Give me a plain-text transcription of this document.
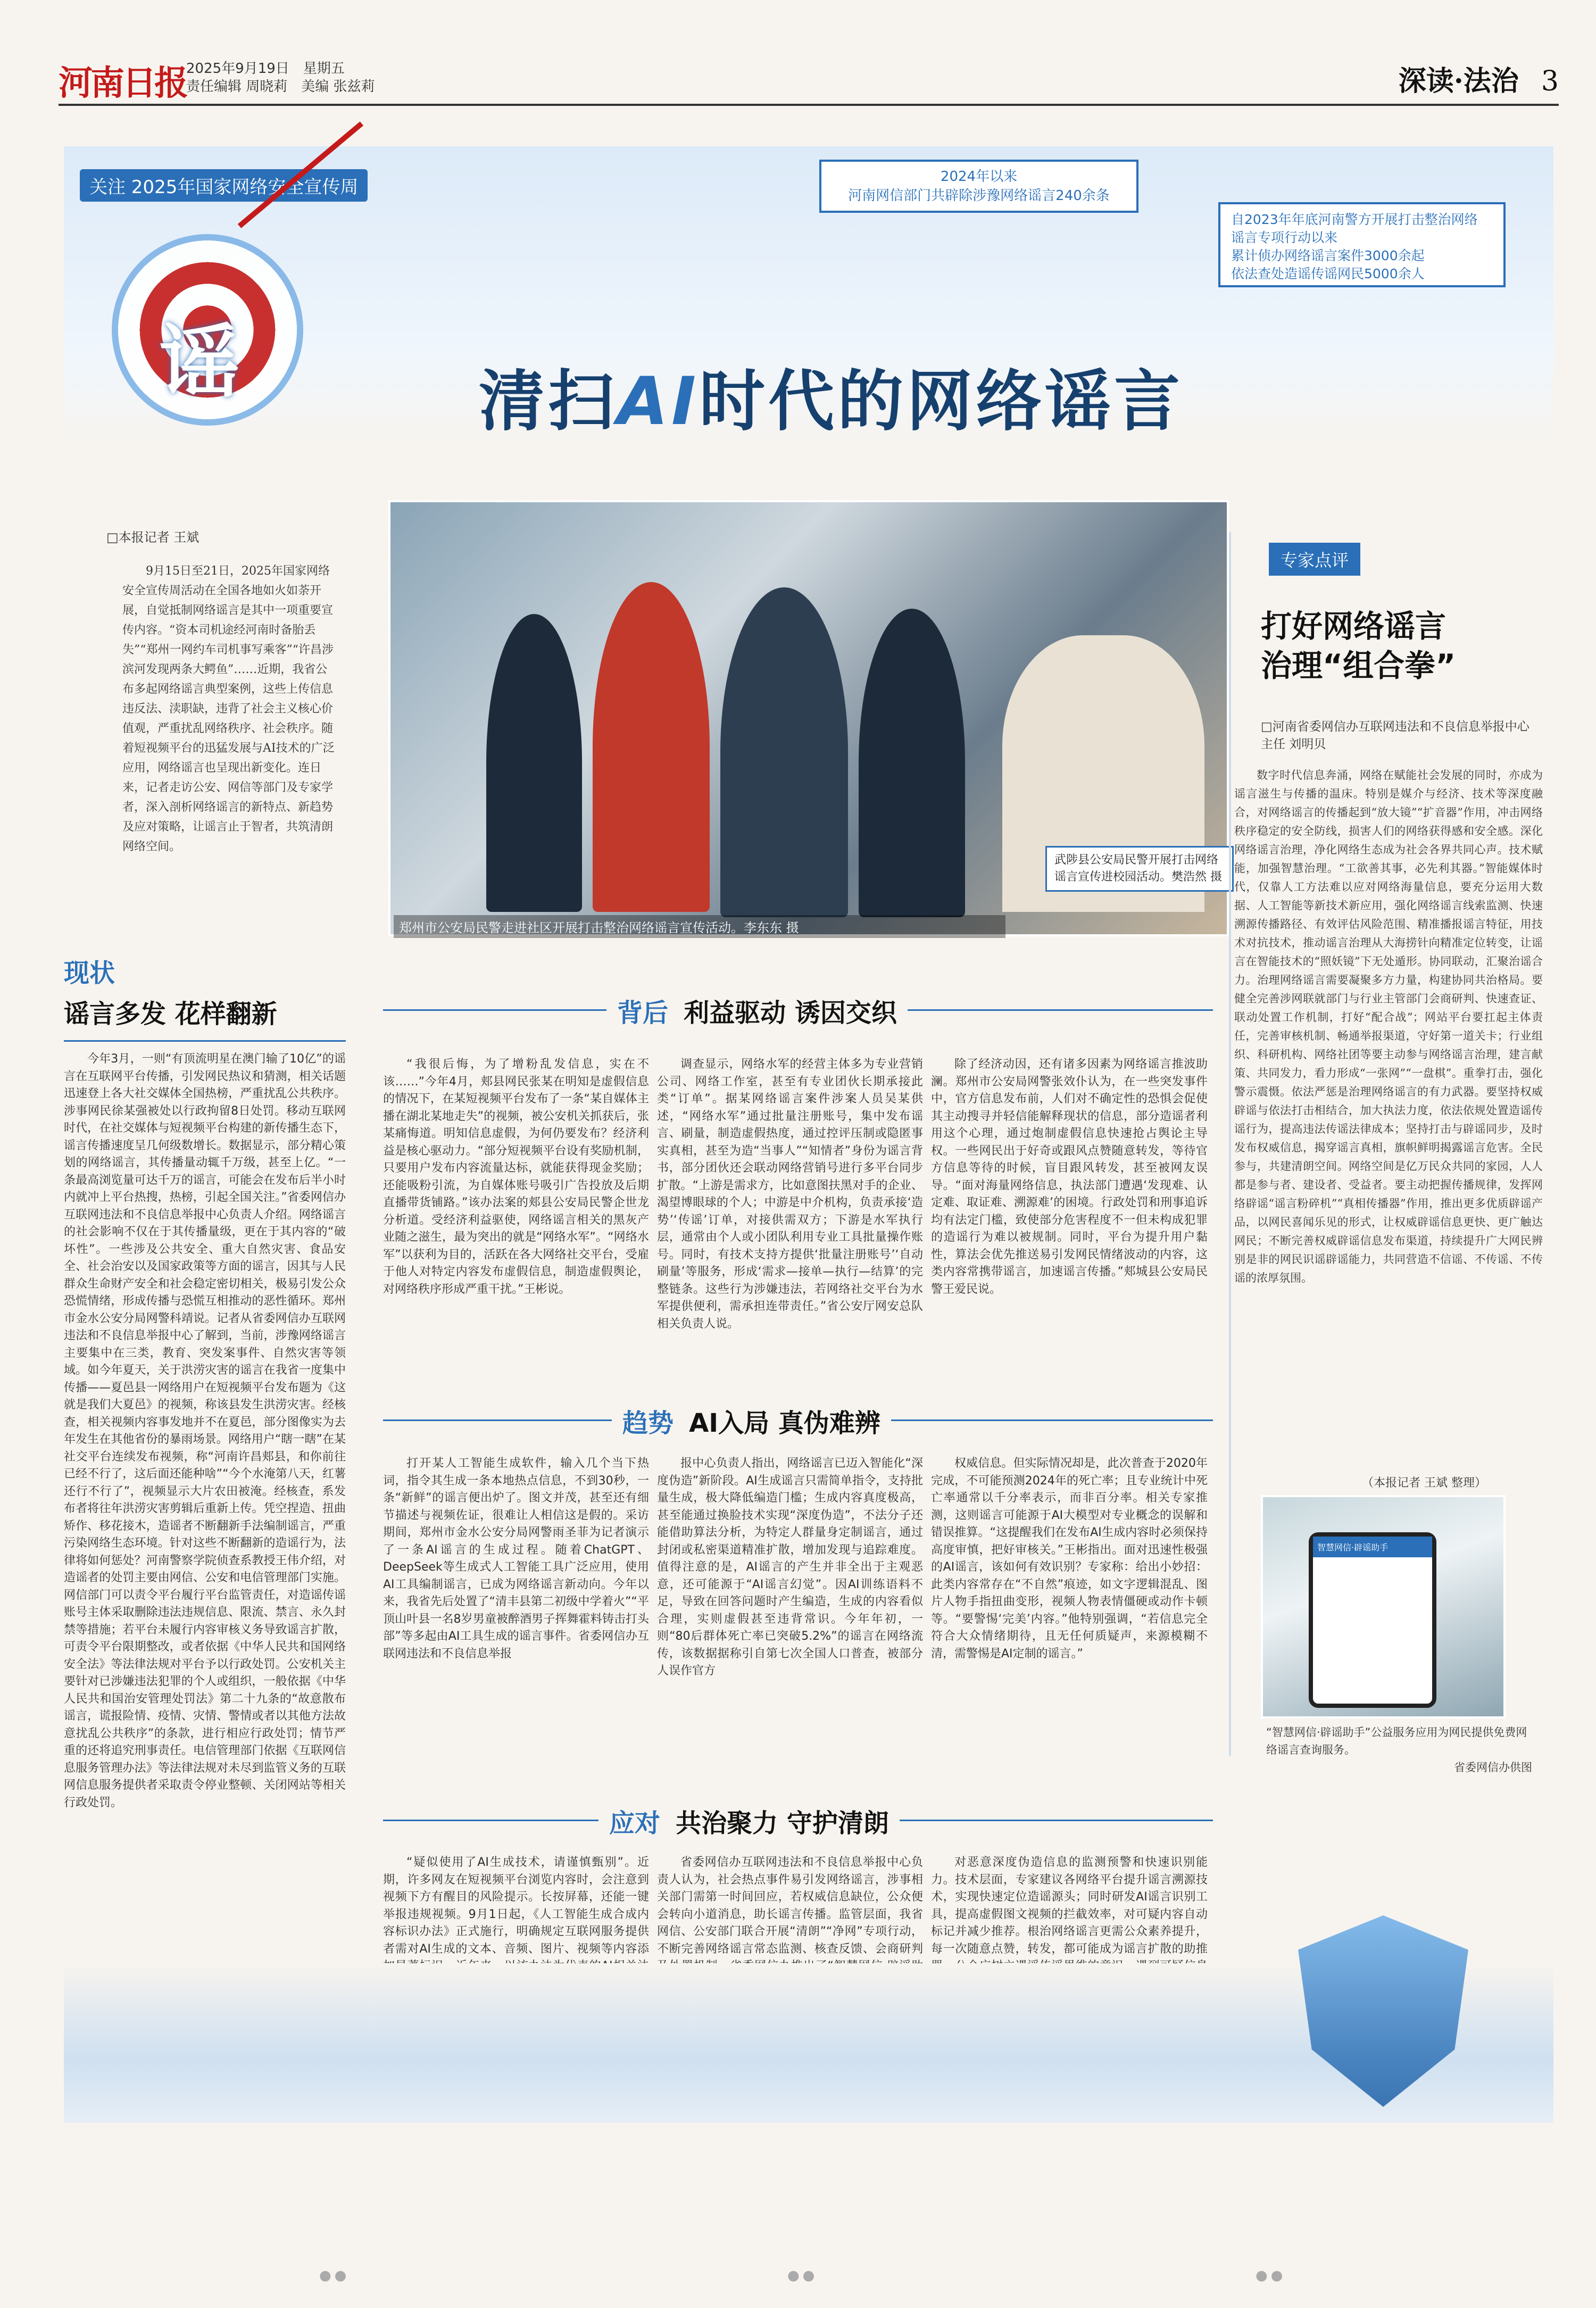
河南日报 2025年9月19日　星期五
责任编辑 周晓莉　美编 张兹莉	深读·法治 3
关注 2025年国家网络安全宣传周	2024年以来
河南网信部门共辟除涉豫网络谣言240余条
自2023年年底河南警方开展打击整治网络
谣言专项行动以来
累计侦办网络谣言案件3000余起
依法查处造谣传谣网民5000余人
谣	清扫AI时代的网络谣言
□本报记者 王斌
9月15日至21日，2025年国家网络安全宣传周活动在全国各地如火如荼开展，自觉抵制网络谣言是其中一项重要宣传内容。“资本司机途经河南时备胎丢失”“郑州一网约车司机事写乘客”“许昌涉滨河发现两条大鳄鱼”……近期，我省公布多起网络谣言典型案例，这些上传信息违反法、渎职缺，违背了社会主义核心价值观，严重扰乱网络秩序、社会秩序。随着短视频平台的迅猛发展与AI技术的广泛应用，网络谣言也呈现出新变化。连日来，记者走访公安、网信等部门及专家学者，深入剖析网络谣言的新特点、新趋势及应对策略，让谣言止于智者，共筑清朗网络空间。
郑州市公安局民警走进社区开展打击整治网络谣言宣传活动。李东东 摄
武陟县公安局民警开展打击网络谣言宣传进校园活动。樊浩然 摄
现状
谣言多发 花样翻新
今年3月，一则“有顶流明星在澳门输了10亿”的谣言在互联网平台传播，引发网民热议和猜测，相关话题迅速登上各大社交媒体全国热榜，严重扰乱公共秩序。涉事网民徐某强被处以行政拘留8日处罚。移动互联网时代，在社交媒体与短视频平台构建的新传播生态下，谣言传播速度呈几何级数增长。数据显示，部分精心策划的网络谣言，其传播量动辄千万级，甚至上亿。“一条最高浏览量可达千万的谣言，可能会在发布后半小时内就冲上平台热搜，热榜，引起全国关注。”省委网信办互联网违法和不良信息举报中心负责人介绍。网络谣言的社会影响不仅在于其传播量级，更在于其内容的“破坏性”。一些涉及公共安全、重大自然灾害、食品安全、社会治安以及国家政策等方面的谣言，因其与人民群众生命财产安全和社会稳定密切相关，极易引发公众恐慌情绪，形成传播与恐慌互相推动的恶性循环。郑州市金水公安分局网警科靖说。记者从省委网信办互联网违法和不良信息举报中心了解到，当前，涉豫网络谣言主要集中在三类，教育、突发案事件、自然灾害等领域。如今年夏天，关于洪涝灾害的谣言在我省一度集中传播——夏邑县一网络用户在短视频平台发布题为《这就是我们大夏邑》的视频，称该县发生洪涝灾害。经核查，相关视频内容事发地并不在夏邑，部分图像实为去年发生在其他省份的暴雨场景。网络用户“瞎一瞎”在某社交平台连续发布视频，称“河南许昌郏县，和你前往已经不行了，这后面还能种啥”“今个水淹第八天，红薯还行不行了”，视频显示大片农田被淹。经核查，系发布者将往年洪涝灾害剪辑后重新上传。凭空捏造、扭曲矫作、移花接木，造谣者不断翻新手法编制谣言，严重污染网络生态环境。针对这些不断翻新的造谣行为，法律将如何惩处？河南警察学院侦查系教授王伟介绍，对造谣者的处罚主要由网信、公安和电信管理部门实施。网信部门可以责令平台履行平台监管责任，对造谣传谣账号主体采取删除违法违规信息、限流、禁言、永久封禁等措施；若平台未履行内容审核义务导致谣言扩散，可责令平台限期整改，或者依据《中华人民共和国网络安全法》等法律法规对平台予以行政处罚。公安机关主要针对已涉嫌违法犯罪的个人或组织，一般依据《中华人民共和国治安管理处罚法》第二十九条的“故意散布谣言，谎报险情、疫情、灾情、警情或者以其他方法故意扰乱公共秩序”的条款，进行相应行政处罚；情节严重的还将追究刑事责任。电信管理部门依据《互联网信息服务管理办法》等法律法规对未尽到监管义务的互联网信息服务提供者采取责令停业整顿、关闭网站等相关行政处罚。
背后 利益驱动 诱因交织
“我很后悔，为了增粉乱发信息，实在不该……”今年4月，郏县网民张某在明知是虚假信息的情况下，在某短视频平台发布了一条“某自媒体主播在湖北某地走失”的视频，被公安机关抓获后，张某痛悔道。明知信息虚假，为何仍要发布？经济利益是核心驱动力。“部分短视频平台设有奖励机制，只要用户发布内容流量达标，就能获得现金奖励；还能吸粉引流，为自媒体账号吸引广告投放及后期直播带货铺路。”该办法案的郏县公安局民警企世龙分析道。受经济利益驱使，网络谣言相关的黑灰产业随之滋生，最为突出的就是“网络水军”。“网络水军”以获利为目的，活跃在各大网络社交平台，受雇于他人对特定内容发布虚假信息，制造虚假舆论，对网络秩序形成严重干扰。”王彬说。
调查显示，网络水军的经营主体多为专业营销公司、网络工作室，甚至有专业团伙长期承接此类“订单”。据某网络谣言案件涉案人员吴某供述，“网络水军”通过批量注册账号，集中发布谣言、刷量，制造虚假热度，通过控评压制或隐匿事实真相，甚至为造“当事人”“知情者”身份为谣言背书，部分团伙还会联动网络营销号进行多平台同步扩散。“上游是需求方，比如意图扶黑对手的企业、渴望博眼球的个人；中游是中介机构，负责承接‘造势’‘传谣’订单，对接供需双方；下游是水军执行层，通常由个人或小团队利用专业工具批量操作账号。同时，有技术支持方提供‘批量注册账号’‘自动刷量’等服务，形成‘需求—接单—执行—结算’的完整链条。这些行为涉嫌违法，若网络社交平台为水军提供便利，需承担连带责任。”省公安厅网安总队相关负责人说。
除了经济动因，还有诸多因素为网络谣言推波助澜。郑州市公安局网警张效仆认为，在一些突发事件中，官方信息发布前，人们对不确定性的恐惧会促使其主动搜寻并轻信能解释现状的信息，部分造谣者利用这个心理，通过炮制虚假信息快速抢占舆论主导权。一些网民出于好奇或跟风点赞随意转发，等待官方信息等待的时候，盲目跟风转发，甚至被网友误导。“面对海量网络信息，执法部门遭遇‘发现难、认定难、取证难、溯源难’的困境。行政处罚和刑事追诉均有法定门槛，致使部分危害程度不一但未构成犯罪的造谣行为难以被规制。同时，平台为提升用户黏性，算法会优先推送易引发网民情绪波动的内容，这类内容常携带谣言，加速谣言传播。”郏城县公安局民警王爱民说。
趋势 AI入局 真伪难辨
打开某人工智能生成软件，输入几个当下热词，指令其生成一条本地热点信息，不到30秒，一条“新鲜”的谣言便出炉了。图文并茂，甚至还有细节描述与视频佐证，很难让人相信这是假的。采访期间，郑州市金水公安分局网警雨圣菲为记者演示了一条AI谣言的生成过程。随着ChatGPT、DeepSeek等生成式人工智能工具广泛应用，使用AI工具编制谣言，已成为网络谣言新动向。今年以来，我省先后处置了“清丰县第二初级中学着火”“平顶山叶县一名8岁男童被醉酒男子挥舞霍料铸击打头部”等多起由AI工具生成的谣言事件。省委网信办互联网违法和不良信息举报
报中心负责人指出，网络谣言已迈入智能化“深度伪造”新阶段。AI生成谣言只需简单指令，支持批量生成，极大降低编造门槛；生成内容真度极高，甚至能通过换脸技术实现“深度伪造”，不法分子还能借助算法分析，为特定人群量身定制谣言，通过封闭或私密渠道精准扩散，增加发现与追踪难度。值得注意的是，AI谣言的产生并非全出于主观恶意，还可能源于“AI谣言幻觉”。因AI训练语料不足，导致在回答问题时产生编造，生成的内容看似合理，实则虚假甚至违背常识。今年年初，一则“80后群体死亡率已突破5.2%”的谣言在网络流传，该数据据称引自第七次全国人口普查，被部分人误作官方
权威信息。但实际情况却是，此次普查于2020年完成，不可能预测2024年的死亡率；且专业统计中死亡率通常以千分率表示，而非百分率。相关专家推测，这则谣言可能源于AI大模型对专业概念的误解和错误推算。“这提醒我们在发布AI生成内容时必须保持高度审慎，把好审核关。”王彬指出。面对迅速性极强的AI谣言，该如何有效识别？专家称：给出小妙招：此类内容常存在“不自然”痕迹，如文字逻辑混乱、图片人物手指扭曲变形，视频人物表情僵硬或动作卡顿等。“要警惕‘完美’内容。”他特别强调，“若信息完全符合大众情绪期待，且无任何质疑声，来源模糊不清，需警惕是AI定制的谣言。”
应对 共治聚力 守护清朗
“疑似使用了AI生成技术，请谨慎甄别”。近期，许多网友在短视频平台浏览内容时，会注意到视频下方有醒目的风险提示。长按屏幕，还能一键举报违规视频。9月1日起，《人工智能生成合成内容标识办法》正式施行，明确规定互联网服务提供者需对AI生成的文本、音频、图片、视频等内容添
省委网信办互联网违法和不良信息举报中心负责人认为，社会热点事件易引发网络谣言，涉事相关部门需第一时间回应，若权威信息缺位，公众便会转向小道消息，助长谣言传播。监管层面，我省网信、公安部门联合开展“清朗”“净网”专项行动，不断完善网络谣言常态监测、核查反馈、会商研判
对恶意深度伪造信息的监测预警和快速识别能力。技术层面，专家建议各网络平台提升谣言溯源技术，实现快速定位造谣源头；同时研发AI谣言识别工具，提高虚假图文视频的拦截效率，对可疑内容自动标记并减少推荐。根治网络谣言更需公众素养提升，每一次随意点赞，转发，都可能成为谣言扩散的助推
专家点评
打好网络谣言
治理“组合拳”
□河南省委网信办互联网违法和不良信息举报中心主任 刘明贝
数字时代信息奔涌，网络在赋能社会发展的同时，亦成为谣言滋生与传播的温床。特别是媒介与经济、技术等深度融合，对网络谣言的传播起到“放大镜”“扩音器”作用，冲击网络秩序稳定的安全防线，损害人们的网络获得感和安全感。深化网络谣言治理，净化网络生态成为社会各界共同心声。技术赋能，加强智慧治理。“工欲善其事，必先利其器。”智能媒体时代，仅靠人工方法难以应对网络海量信息，要充分运用大数据、人工智能等新技术新应用，强化网络谣言线索监测、快速溯源传播路径、有效评估风险范围、精准播报谣言特征，用技术对抗技术，推动谣言治理从大海捞针向精准定位转变，让谣言在智能技术的“照妖镜”下无处遁形。协同联动，汇聚治谣合力。治理网络谣言需要凝聚多方力量，构建协同共治格局。要健全完善涉网联就部门与行业主管部门会商研判、快速查证、联动处置工作机制，打好“配合战”；网站平台要扛起主体责任，完善审核机制、畅通举报渠道，守好第一道关卡；行业组织、科研机构、网络社团等要主动参与网络谣言治理，建言献策、共同发力，看力形成“一张网”“一盘棋”。重拳打击，强化警示震慑。依法严惩是治理网络谣言的有力武器。要坚持权威辟谣与依法打击相结合，加大执法力度，依法依规处置造谣传谣行为，提高违法传谣法律成本；坚持打击与辟谣同步，及时发布权威信息，揭穿谣言真相，旗帜鲜明揭露谣言危害。全民参与，共建清朗空间。网络空间是亿万民众共同的家园，人人都是参与者、建设者、受益者。要主动把握传播规律，发挥网络辟谣“谣言粉碎机”“真相传播器”作用，推出更多优质辟谣产品，以网民喜闻乐见的形式，让权威辟谣信息更快、更广触达网民；不断完善权威辟谣信息发布渠道，持续提升广大网民辨别是非的网民识谣辟谣能力，共同营造不信谣、不传谣、不传谣的浓厚氛围。
（本报记者 王斌 整理）
智慧网信·辟谣助手
“智慧网信·辟谣助手”公益服务应用为网民提供免费网络谣言查询服务。
省委网信办供图
●●	●●	●●
